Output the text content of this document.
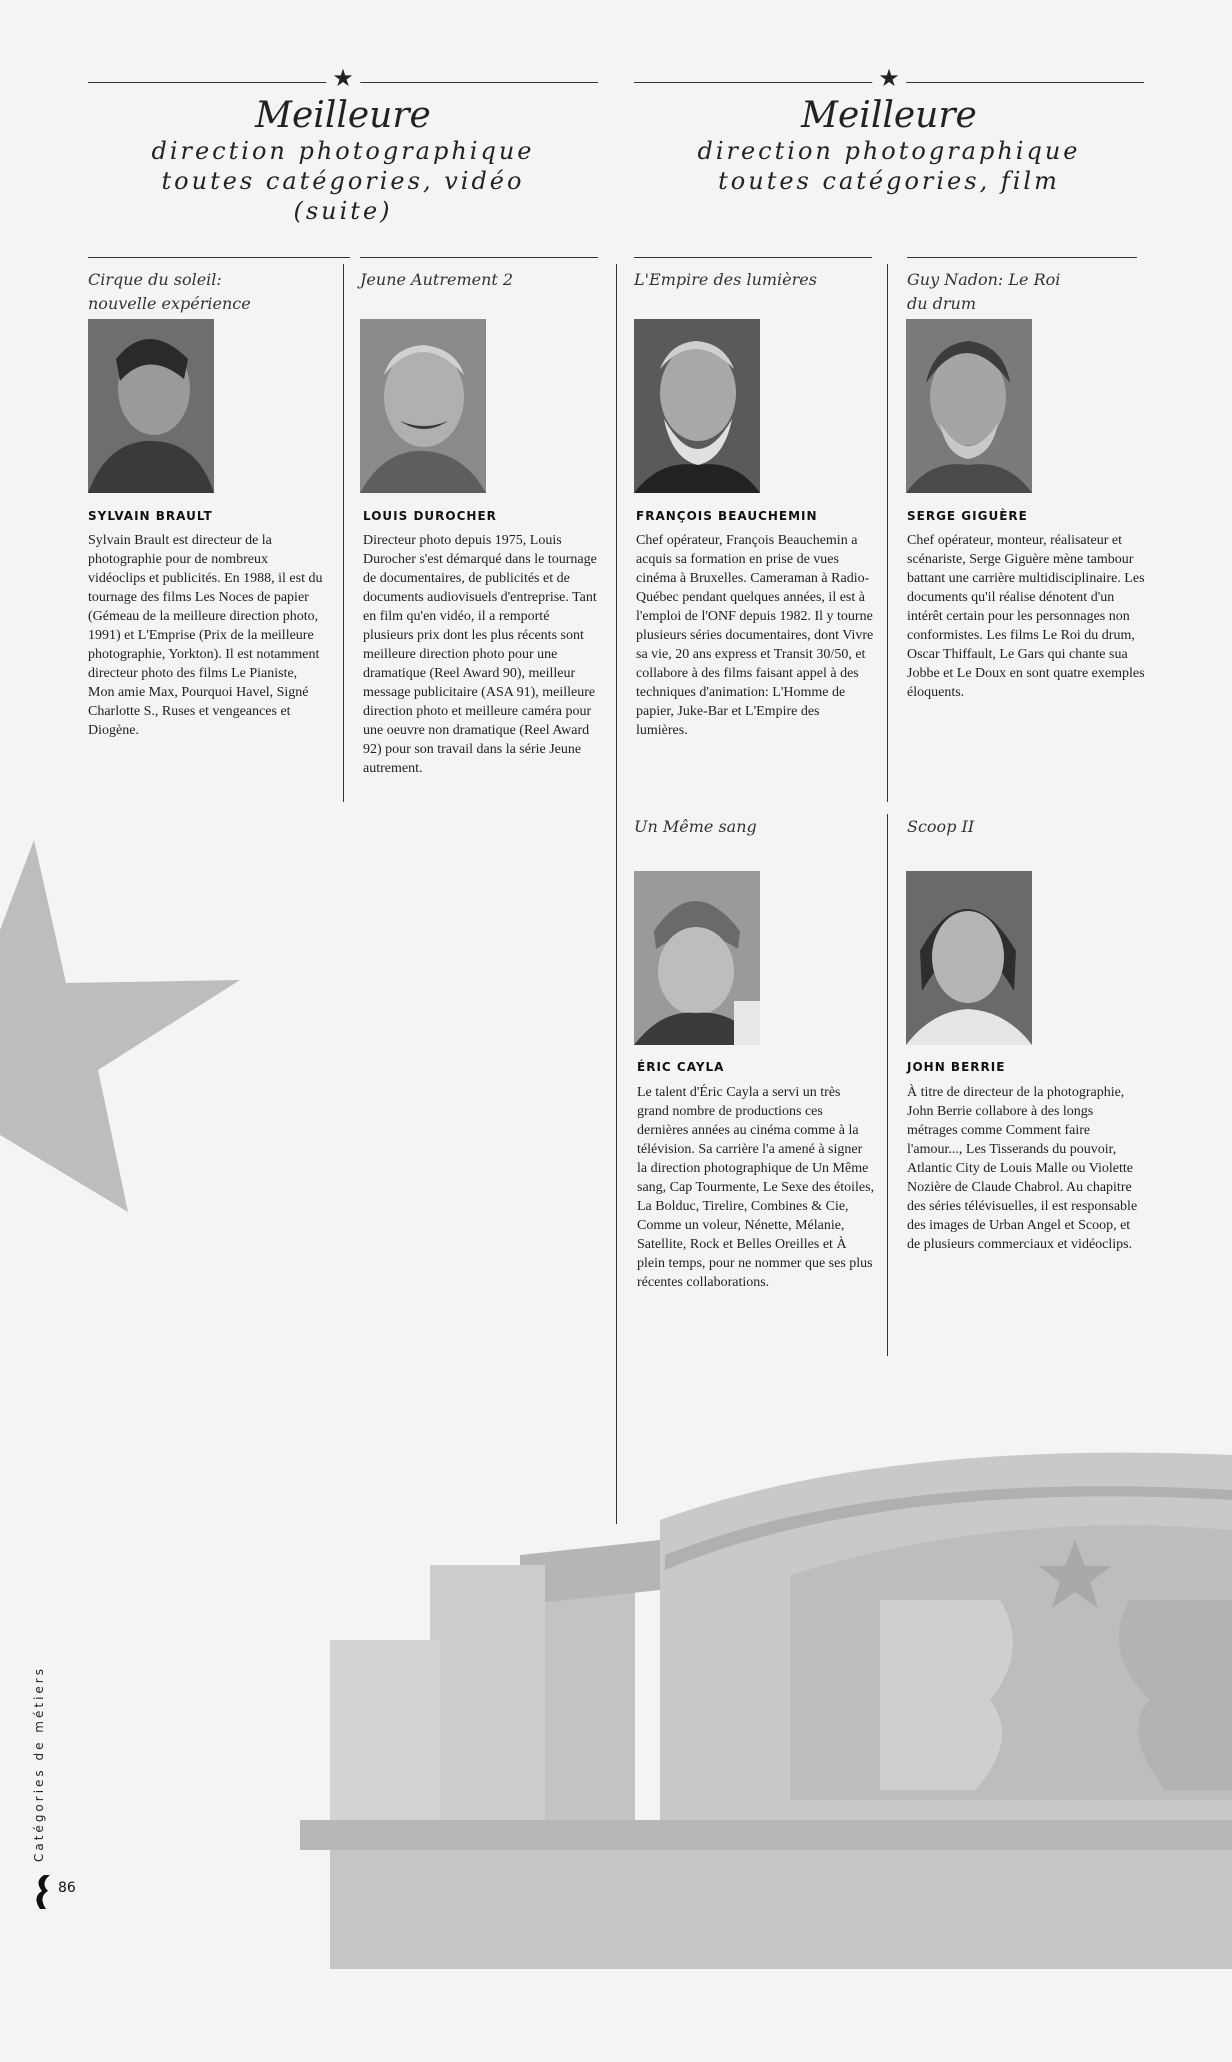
★
Meilleure
direction photographique
toutes catégories, vidéo
(suite)
★
Meilleure
direction photographique
toutes catégories, film
Cirque du soleil: nouvelle expérience
SYLVAIN BRAULT
Sylvain Brault est directeur de la photographie pour de nombreux vidéoclips et publicités. En 1988, il est du tournage des films Les Noces de papier (Gémeau de la meilleure direction photo, 1991) et L'Emprise (Prix de la meilleure photographie, Yorkton). Il est notamment directeur photo des films Le Pianiste, Mon amie Max, Pourquoi Havel, Signé Charlotte S., Ruses et vengeances et Diogène.
Jeune Autrement 2
LOUIS DUROCHER
Directeur photo depuis 1975, Louis Durocher s'est démarqué dans le tournage de documentaires, de publicités et de documents audiovisuels d'entreprise. Tant en film qu'en vidéo, il a remporté plusieurs prix dont les plus récents sont meilleure direction photo pour une dramatique (Reel Award 90), meilleur message publicitaire (ASA 91), meilleure direction photo et meilleure caméra pour une oeuvre non dramatique (Reel Award 92) pour son travail dans la série Jeune autrement.
L'Empire des lumières
FRANÇOIS BEAUCHEMIN
Chef opérateur, François Beauchemin a acquis sa formation en prise de vues cinéma à Bruxelles. Cameraman à Radio-Québec pendant quelques années, il est à l'emploi de l'ONF depuis 1982. Il y tourne plusieurs séries documentaires, dont Vivre sa vie, 20 ans express et Transit 30/50, et collabore à des films faisant appel à des techniques d'animation: L'Homme de papier, Juke-Bar et L'Empire des lumières.
Guy Nadon: Le Roi du drum
SERGE GIGUÈRE
Chef opérateur, monteur, réalisateur et scénariste, Serge Giguère mène tambour battant une carrière multidisciplinaire. Les documents qu'il réalise dénotent d'un intérêt certain pour les personnages non conformistes. Les films Le Roi du drum, Oscar Thiffault, Le Gars qui chante sua Jobbe et Le Doux en sont quatre exemples éloquents.
Un Même sang
ÉRIC CAYLA
Le talent d'Éric Cayla a servi un très grand nombre de productions ces dernières années au cinéma comme à la télévision. Sa carrière l'a amené à signer la direction photographique de Un Même sang, Cap Tourmente, Le Sexe des étoiles, La Bolduc, Tirelire, Combines & Cie, Comme un voleur, Nénette, Mélanie, Satellite, Rock et Belles Oreilles et À plein temps, pour ne nommer que ses plus récentes collaborations.
Scoop II
JOHN BERRIE
À titre de directeur de la photographie, John Berrie collabore à des longs métrages comme Comment faire l'amour..., Les Tisserands du pouvoir, Atlantic City de Louis Malle ou Violette Nozière de Claude Chabrol. Au chapitre des séries télévisuelles, il est responsable des images de Urban Angel et Scoop, et de plusieurs commerciaux et vidéoclips.
Catégories de métiers
86
